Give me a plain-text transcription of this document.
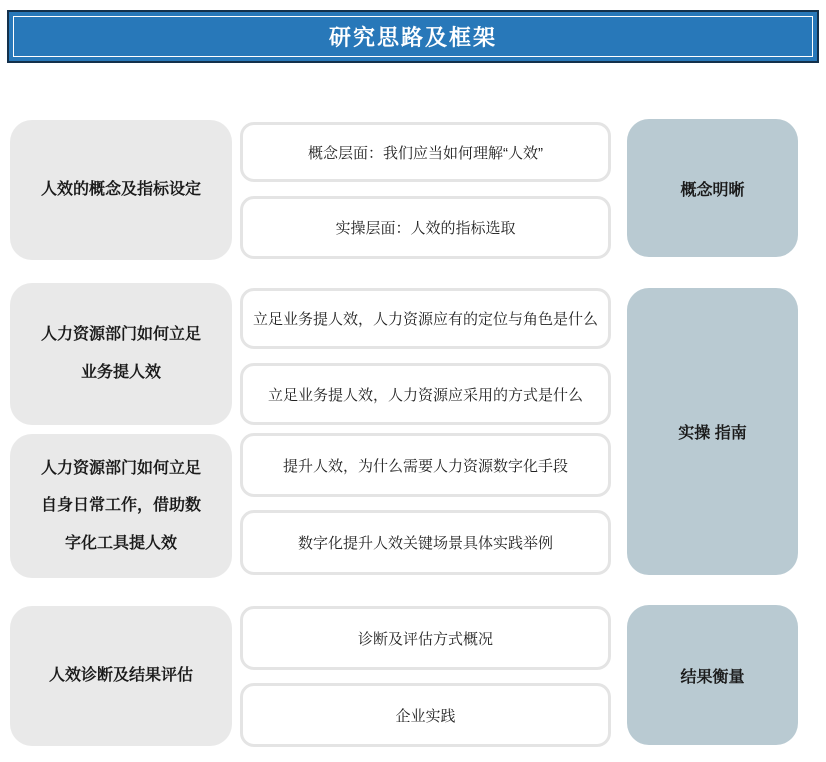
研究思路及框架
人效的概念及指标设定
人力资源部门如何立足业务提人效
人力资源部门如何立足自身日常工作，借助数字化工具提人效
人效诊断及结果评估
概念层面：我们应当如何理解“人效”
实操层面：人效的指标选取
立足业务提人效，人力资源应有的定位与角色是什么
立足业务提人效，人力资源应采用的方式是什么
提升人效，为什么需要人力资源数字化手段
数字化提升人效关键场景具体实践举例
诊断及评估方式概况
企业实践
概念明晰
实操 指南
结果衡量
